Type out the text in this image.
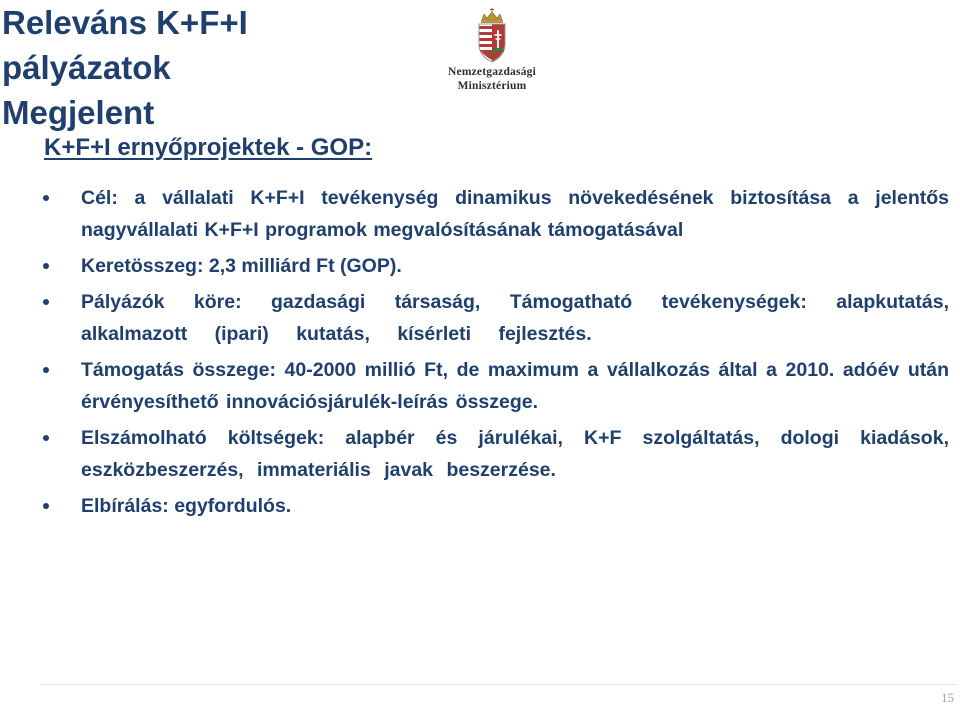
Releváns K+F+I pályázatok
Megjelent
Nemzetgazdasági
Minisztérium
K+F+I ernyőprojektek - GOP:
Cél: a vállalati K+F+I tevékenység dinamikus növekedésének biztosítása a jelentős nagyvállalati K+F+I programok megvalósításának támogatásával
Keretösszeg: 2,3 milliárd Ft (GOP).
Pályázók köre: gazdasági társaság, Támogatható tevékenységek: alapkutatás, alkalmazott (ipari) kutatás, kísérleti fejlesztés.
Támogatás összege: 40-2000 millió Ft, de maximum a vállalkozás által a 2010. adóév után érvényesíthető innovációsjárulék-leírás összege.
Elszámolható költségek: alapbér és járulékai, K+F szolgáltatás, dologi kiadások, eszközbeszerzés, immateriális javak beszerzése.
Elbírálás: egyfordulós.
15
